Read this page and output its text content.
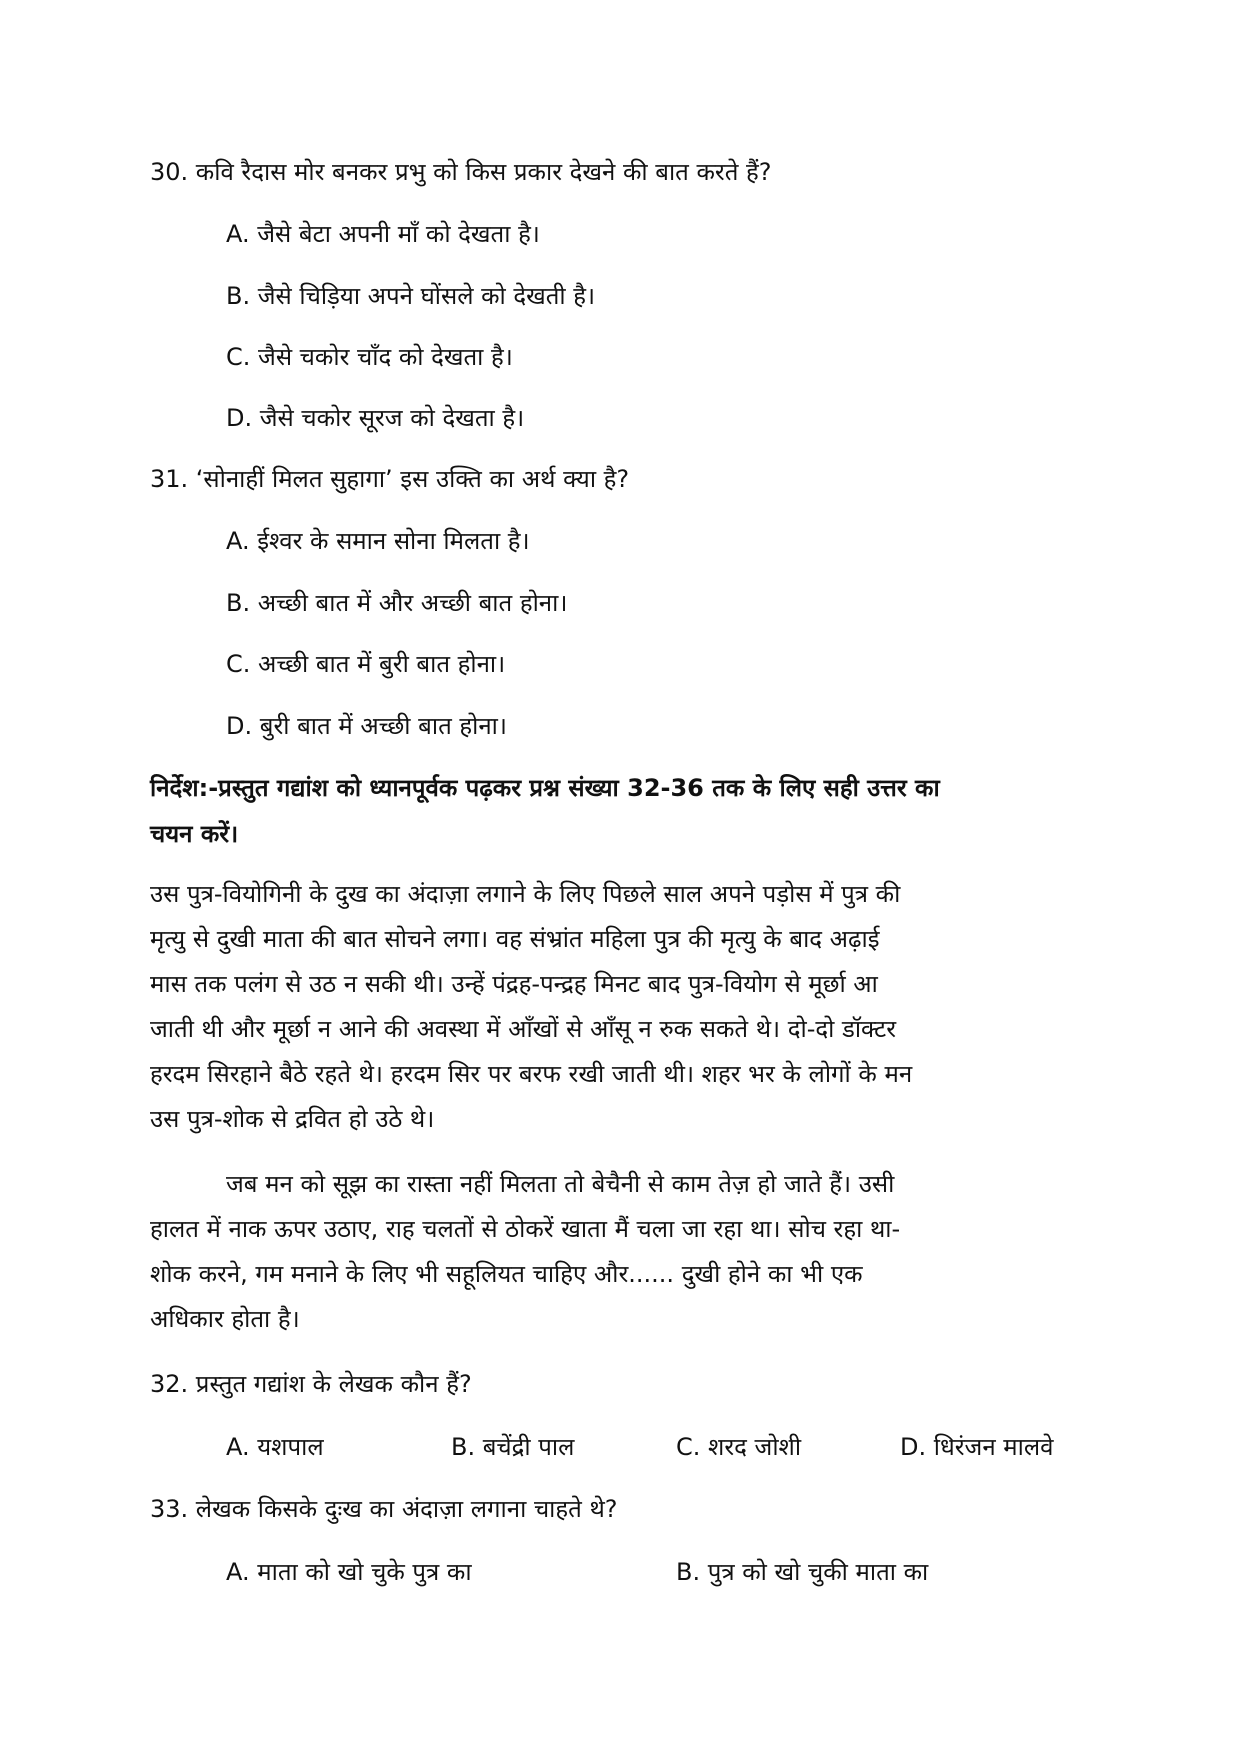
30. कवि रैदास मोर बनकर प्रभु को किस प्रकार देखने की बात करते हैं?
A. जैसे बेटा अपनी माँ को देखता है।
B. जैसे चिड़िया अपने घोंसले को देखती है।
C. जैसे चकोर चाँद को देखता है।
D. जैसे चकोर सूरज को देखता है।
31. ‘सोनाहीं मिलत सुहागा’ इस उक्ति का अर्थ क्या है?
A. ईश्वर के समान सोना मिलता है।
B. अच्छी बात में और अच्छी बात होना।
C. अच्छी बात में बुरी बात होना।
D. बुरी बात में अच्छी बात होना।
निर्देश:-प्रस्तुत गद्यांश को ध्यानपूर्वक पढ़कर प्रश्न संख्या 32-36 तक के लिए सही उत्तर का
चयन करें।
उस पुत्र-वियोगिनी के दुख का अंदाज़ा लगाने के लिए पिछले साल अपने पड़ोस में पुत्र की
मृत्यु से दुखी माता की बात सोचने लगा। वह संभ्रांत महिला पुत्र की मृत्यु के बाद अढ़ाई
मास तक पलंग से उठ न सकी थी। उन्हें पंद्रह-पन्द्रह मिनट बाद पुत्र-वियोग से मूर्छा आ
जाती थी और मूर्छा न आने की अवस्था में आँखों से आँसू न रुक सकते थे। दो-दो डॉक्टर
हरदम सिरहाने बैठे रहते थे। हरदम सिर पर बरफ रखी जाती थी। शहर भर के लोगों के मन
उस पुत्र-शोक से द्रवित हो उठे थे।
जब मन को सूझ का रास्ता नहीं मिलता तो बेचैनी से काम तेज़ हो जाते हैं। उसी
हालत में नाक ऊपर उठाए, राह चलतों से ठोकरें खाता मैं चला जा रहा था। सोच रहा था-
शोक करने, गम मनाने के लिए भी सहूलियत चाहिए और...... दुखी होने का भी एक
अधिकार होता है।
32. प्रस्तुत गद्यांश के लेखक कौन हैं?
A. यशपाल	B. बचेंद्री पाल	C. शरद जोशी	D. धिरंजन मालवे
33. लेखक किसके दुःख का अंदाज़ा लगाना चाहते थे?
A. माता को खो चुके पुत्र का	B. पुत्र को खो चुकी माता का
